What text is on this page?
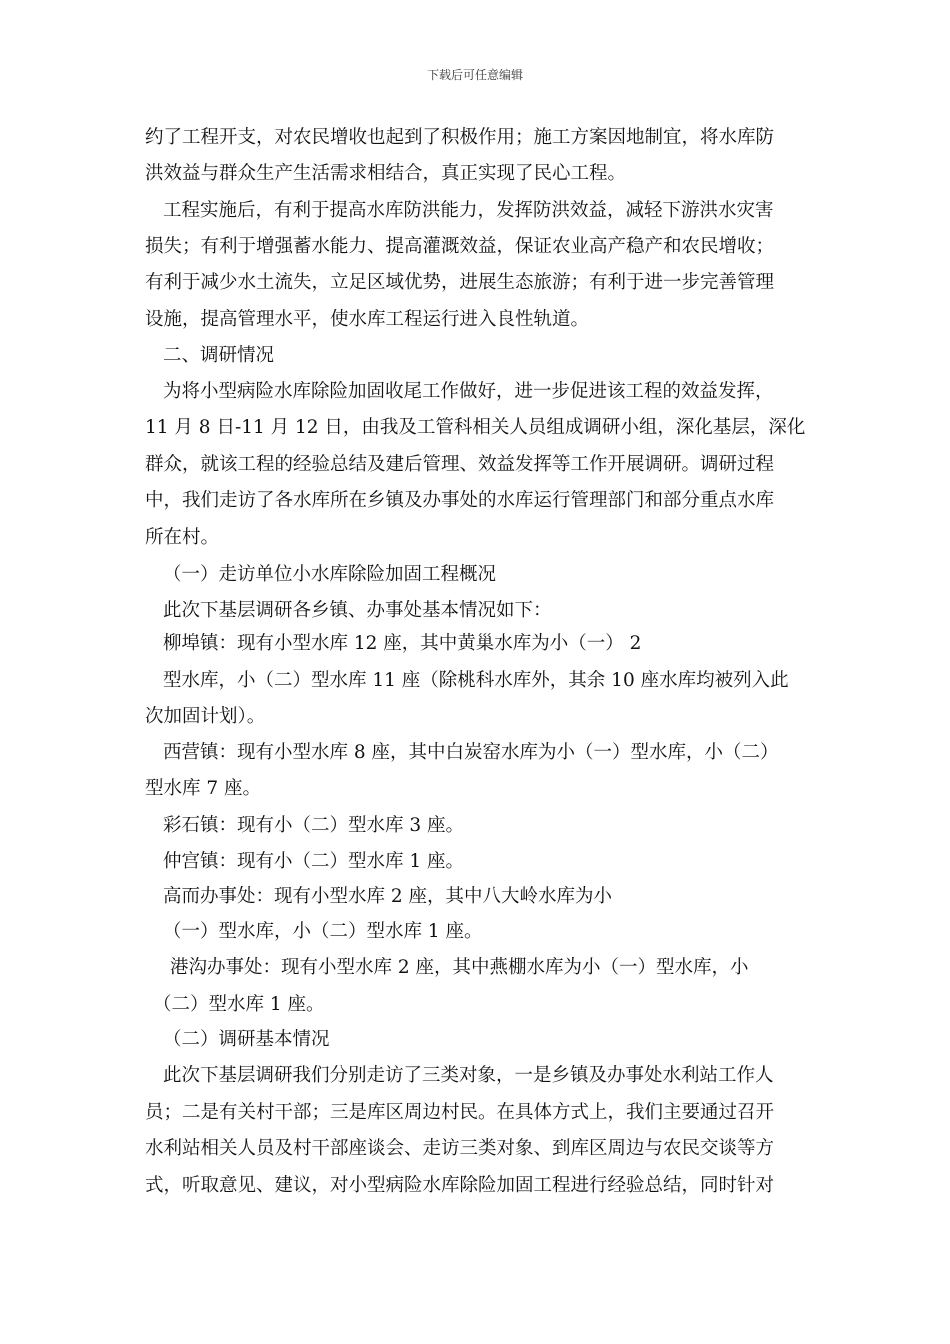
下载后可任意编辑
约了工程开支，对农民增收也起到了积极作用；施工方案因地制宜，将水库防
洪效益与群众生产生活需求相结合，真正实现了民心工程。
工程实施后，有利于提高水库防洪能力，发挥防洪效益，减轻下游洪水灾害
损失；有利于增强蓄水能力、提高灌溉效益，保证农业高产稳产和农民增收；
有利于减少水土流失，立足区域优势，进展生态旅游；有利于进一步完善管理
设施，提高管理水平，使水库工程运行进入良性轨道。
二、调研情况
为将小型病险水库除险加固收尾工作做好，进一步促进该工程的效益发挥，
11 月 8 日-11 月 12 日，由我及工管科相关人员组成调研小组，深化基层，深化
群众，就该工程的经验总结及建后管理、效益发挥等工作开展调研。调研过程
中，我们走访了各水库所在乡镇及办事处的水库运行管理部门和部分重点水库
所在村。
（一）走访单位小水库除险加固工程概况
此次下基层调研各乡镇、办事处基本情况如下：
柳埠镇：现有小型水库 12 座，其中黄巢水库为小（一） 2
型水库，小（二）型水库 11 座（除桃科水库外，其余 10 座水库均被列入此
次加固计划）。
西营镇：现有小型水库 8 座，其中白炭窑水库为小（一）型水库，小（二）
型水库 7 座。
彩石镇：现有小（二）型水库 3 座。
仲宫镇：现有小（二）型水库 1 座。
高而办事处：现有小型水库 2 座，其中八大岭水库为小
（一）型水库，小（二）型水库 1 座。
港沟办事处：现有小型水库 2 座，其中燕棚水库为小（一）型水库，小
（二）型水库 1 座。
（二）调研基本情况
此次下基层调研我们分别走访了三类对象，一是乡镇及办事处水利站工作人
员；二是有关村干部；三是库区周边村民。在具体方式上，我们主要通过召开
水利站相关人员及村干部座谈会、走访三类对象、到库区周边与农民交谈等方
式，听取意见、建议，对小型病险水库除险加固工程进行经验总结，同时针对
